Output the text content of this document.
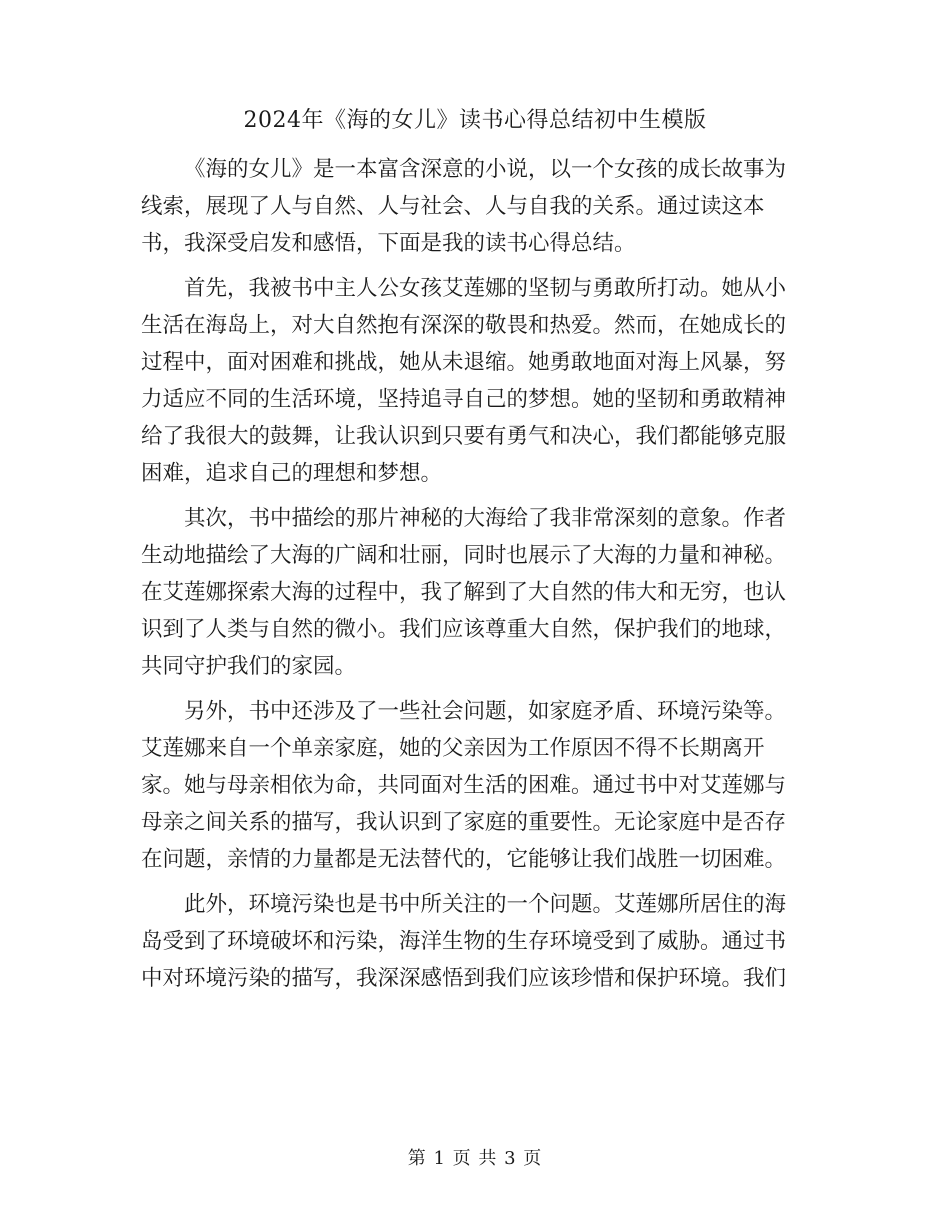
2024年《海的女儿》读书心得总结初中生模版

《海的女儿》是一本富含深意的小说，以一个女孩的成长故事为
线索，展现了人与自然、人与社会、人与自我的关系。通过读这本
书，我深受启发和感悟，下面是我的读书心得总结。

首先，我被书中主人公女孩艾莲娜的坚韧与勇敢所打动。她从小
生活在海岛上，对大自然抱有深深的敬畏和热爱。然而，在她成长的
过程中，面对困难和挑战，她从未退缩。她勇敢地面对海上风暴，努
力适应不同的生活环境，坚持追寻自己的梦想。她的坚韧和勇敢精神
给了我很大的鼓舞，让我认识到只要有勇气和决心，我们都能够克服
困难，追求自己的理想和梦想。

其次，书中描绘的那片神秘的大海给了我非常深刻的意象。作者
生动地描绘了大海的广阔和壮丽，同时也展示了大海的力量和神秘。
在艾莲娜探索大海的过程中，我了解到了大自然的伟大和无穷，也认
识到了人类与自然的微小。我们应该尊重大自然，保护我们的地球，
共同守护我们的家园。

另外，书中还涉及了一些社会问题，如家庭矛盾、环境污染等。
艾莲娜来自一个单亲家庭，她的父亲因为工作原因不得不长期离开
家。她与母亲相依为命，共同面对生活的困难。通过书中对艾莲娜与
母亲之间关系的描写，我认识到了家庭的重要性。无论家庭中是否存
在问题，亲情的力量都是无法替代的，它能够让我们战胜一切困难。

此外，环境污染也是书中所关注的一个问题。艾莲娜所居住的海
岛受到了环境破坏和污染，海洋生物的生存环境受到了威胁。通过书
中对环境污染的描写，我深深感悟到我们应该珍惜和保护环境。我们

第 1 页 共 3 页
